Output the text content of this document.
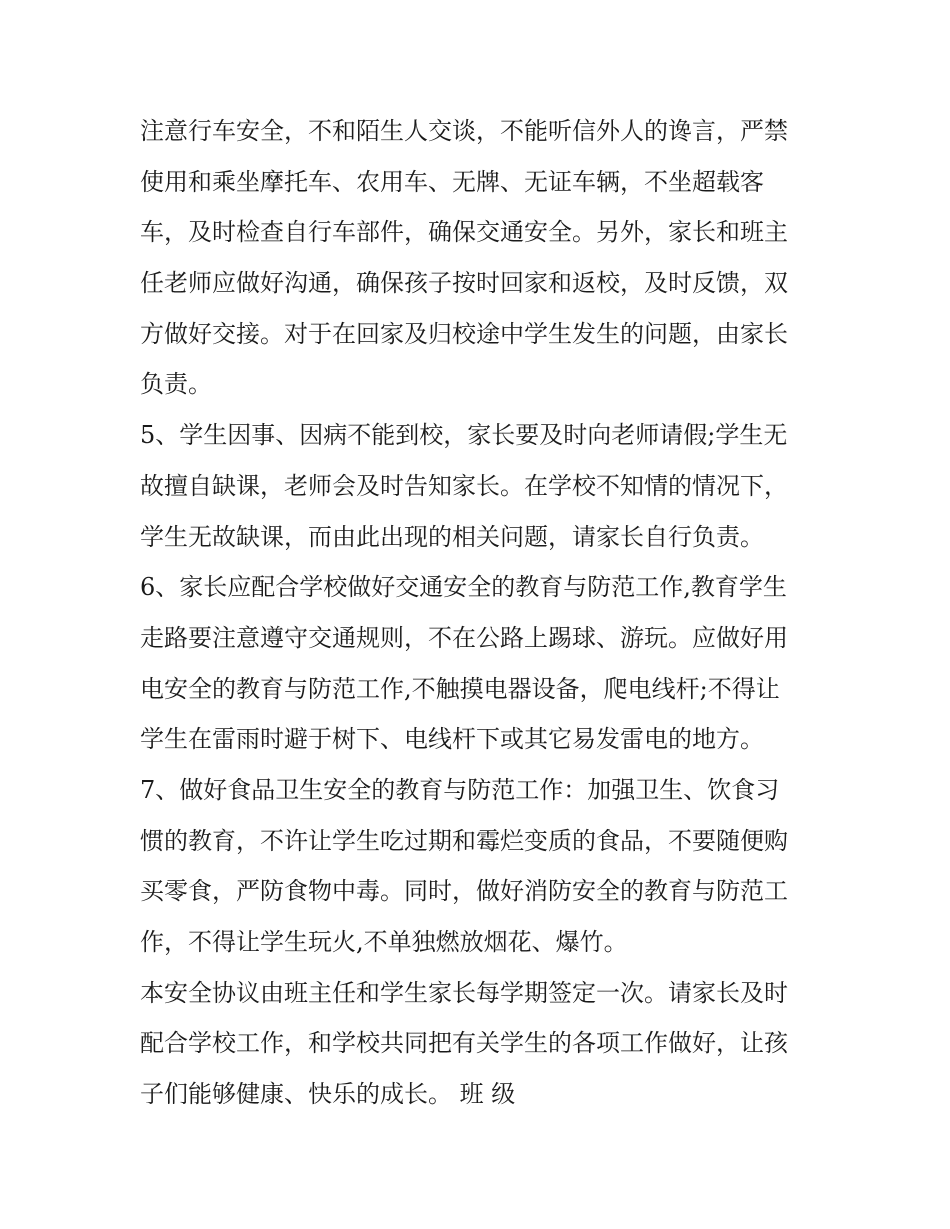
注意行车安全，不和陌生人交谈，不能听信外人的谗言，严禁
使用和乘坐摩托车、农用车、无牌、无证车辆，不坐超载客
车，及时检查自行车部件，确保交通安全。另外，家长和班主
任老师应做好沟通，确保孩子按时回家和返校，及时反馈，双
方做好交接。对于在回家及归校途中学生发生的问题，由家长
负责。
5、学生因事、因病不能到校，家长要及时向老师请假;学生无
故擅自缺课，老师会及时告知家长。在学校不知情的情况下，
学生无故缺课，而由此出现的相关问题，请家长自行负责。
6、家长应配合学校做好交通安全的教育与防范工作,教育学生
走路要注意遵守交通规则，不在公路上踢球、游玩。应做好用
电安全的教育与防范工作,不触摸电器设备，爬电线杆;不得让
学生在雷雨时避于树下、电线杆下或其它易发雷电的地方。
7、做好食品卫生安全的教育与防范工作：加强卫生、饮食习
惯的教育，不许让学生吃过期和霉烂变质的食品，不要随便购
买零食，严防食物中毒。同时，做好消防安全的教育与防范工
作，不得让学生玩火,不单独燃放烟花、爆竹。
本安全协议由班主任和学生家长每学期签定一次。请家长及时
配合学校工作，和学校共同把有关学生的各项工作做好，让孩
子们能够健康、快乐的成长。 班 级
